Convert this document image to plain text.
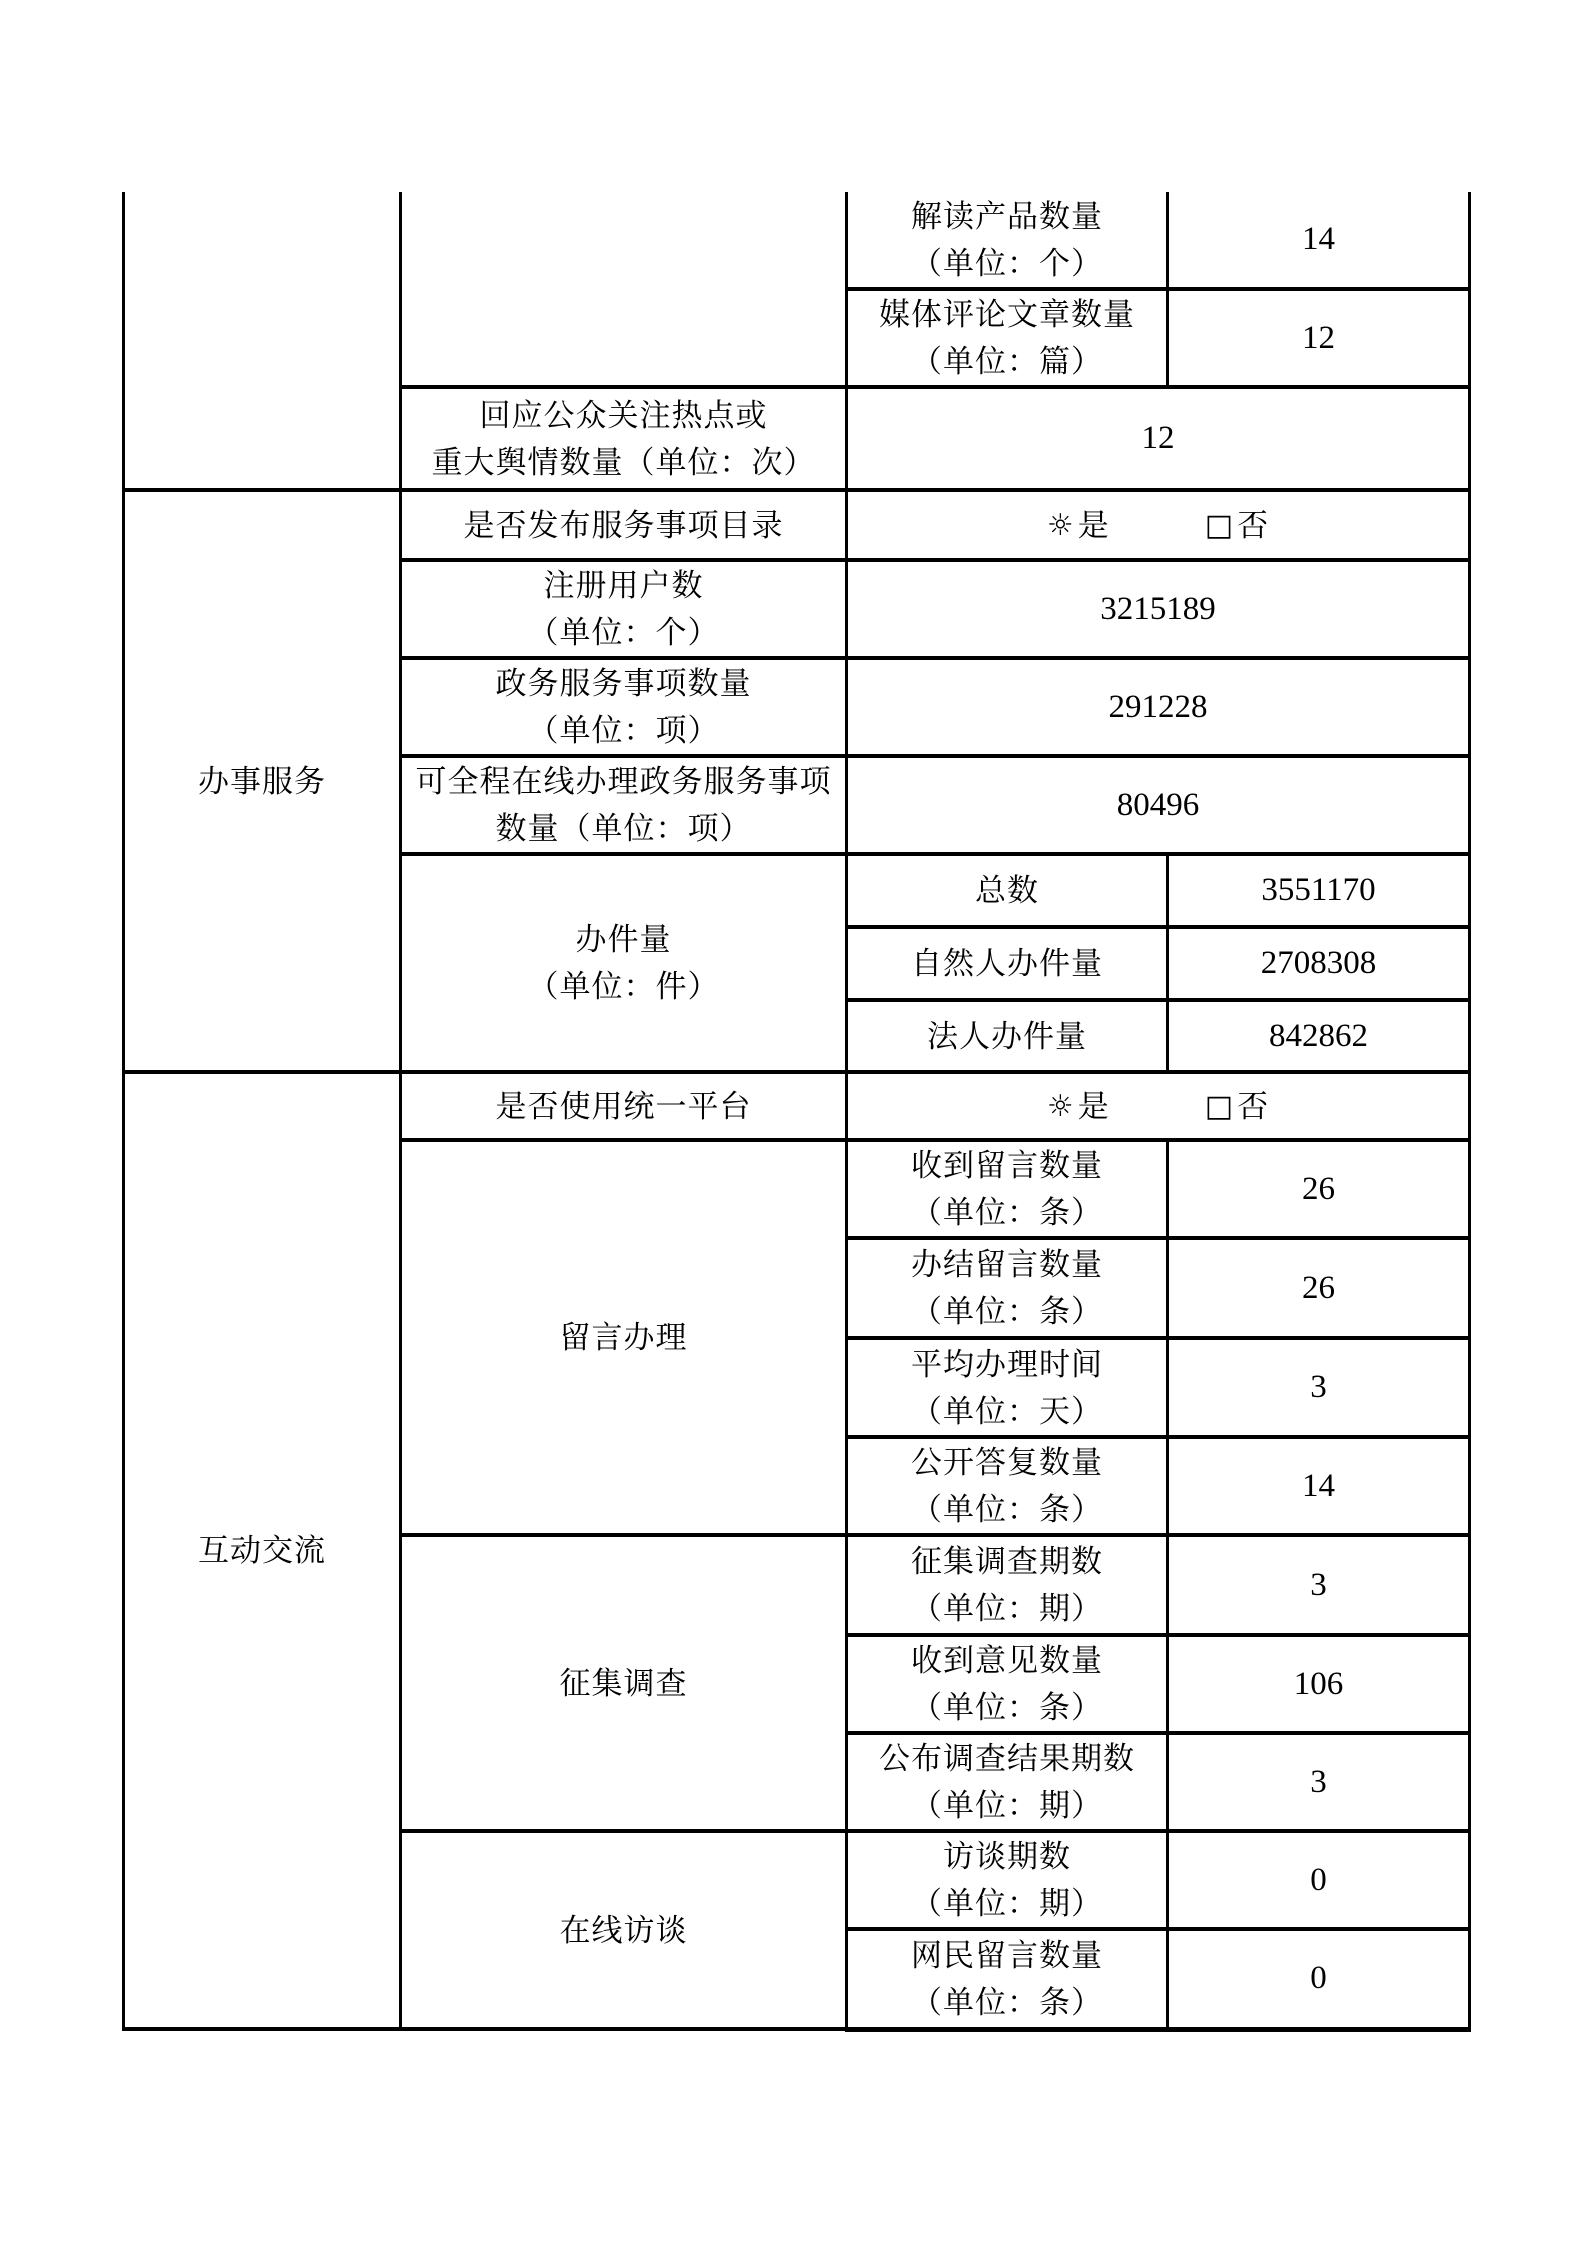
		解读产品数量
（单位：个）	14

		媒体评论文章数量
（单位：篇）	12

	回应公众关注热点或
重大舆情数量（单位：次）	12	
办事服务	是否发布服务事项目录	☼ 是 □ 否	

	注册用户数
（单位：个）	3215189	

	政务服务事项数量
（单位：项）	291228	

	可全程在线办理政务服务事项
数量（单位：项）	80496	

	办件量
（单位：件）	总数	3551170
		自然人办件量	2708308
		法人办件量	842862
互动交流	是否使用统一平台	☼ 是 □ 否	

	留言办理	收到留言数量
（单位：条）	26

		办结留言数量
（单位：条）	26

		平均办理时间
（单位：天）	3

		公开答复数量
（单位：条）	14
	征集调查	征集调查期数
（单位：期）	3

		收到意见数量
（单位：条）	106

		公布调查结果期数
（单位：期）	3
	在线访谈	访谈期数
（单位：期）	0

		网民留言数量
（单位：条）	0
